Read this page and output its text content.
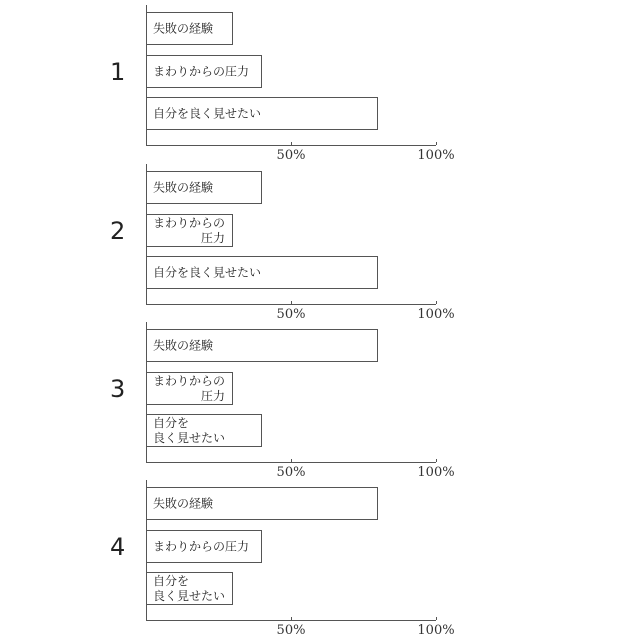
1
50%	100%
失敗の経験
まわりからの圧力
自分を良く見せたい
2
50%	100%
失敗の経験
まわりからの
圧力
自分を良く見せたい
3
50%	100%
失敗の経験
まわりからの
圧力
自分を
良く見せたい
4
50%	100%
失敗の経験
まわりからの圧力
自分を
良く見せたい
